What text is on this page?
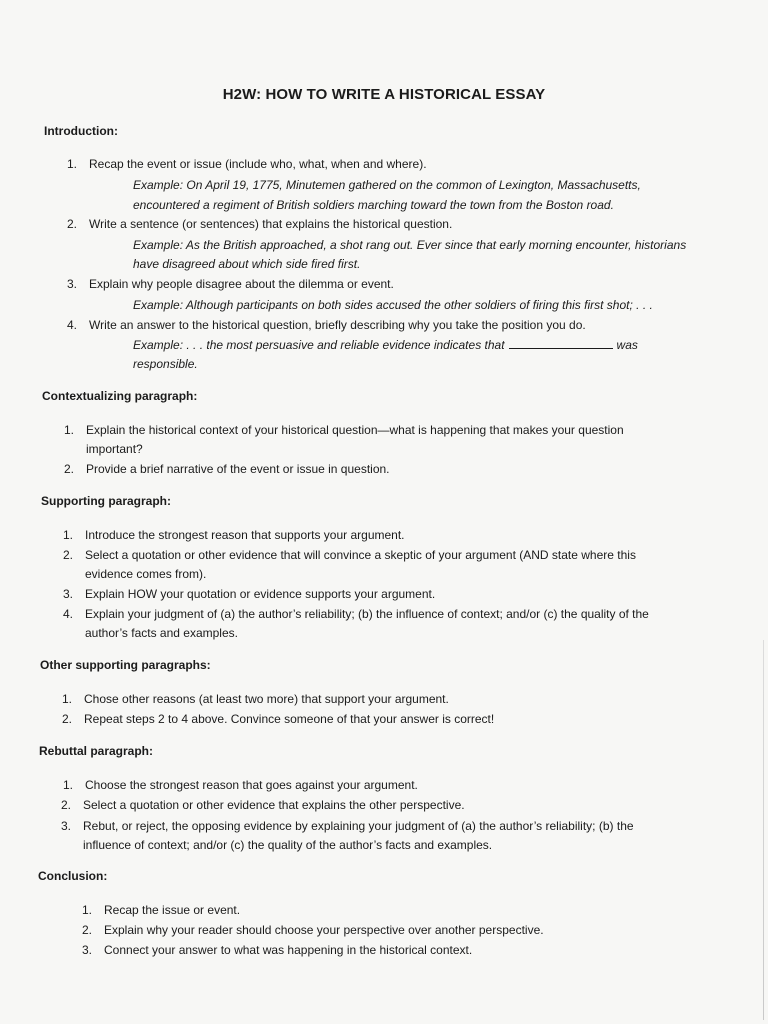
H2W: HOW TO WRITE A HISTORICAL ESSAY
Introduction:
1. Recap the event or issue (include who, what, when and where).
Example: On April 19, 1775, Minutemen gathered on the common of Lexington, Massachusetts,
encountered a regiment of British soldiers marching toward the town from the Boston road.
2. Write a sentence (or sentences) that explains the historical question.
Example: As the British approached, a shot rang out. Ever since that early morning encounter, historians
have disagreed about which side fired first.
3. Explain why people disagree about the dilemma or event.
Example: Although participants on both sides accused the other soldiers of firing this first shot; . . .
4. Write an answer to the historical question, briefly describing why you take the position you do.
Example: . . . the most persuasive and reliable evidence indicates that	was
responsible.
Contextualizing paragraph:
1. Explain the historical context of your historical question—what is happening that makes your question
important?
2. Provide a brief narrative of the event or issue in question.
Supporting paragraph:
1. Introduce the strongest reason that supports your argument.
2. Select a quotation or other evidence that will convince a skeptic of your argument (AND state where this
evidence comes from).
3. Explain HOW your quotation or evidence supports your argument.
4. Explain your judgment of (a) the author’s reliability; (b) the influence of context; and/or (c) the quality of the
author’s facts and examples.
Other supporting paragraphs:
1. Chose other reasons (at least two more) that support your argument.
2. Repeat steps 2 to 4 above. Convince someone of that your answer is correct!
Rebuttal paragraph:
1. Choose the strongest reason that goes against your argument.
2. Select a quotation or other evidence that explains the other perspective.
3. Rebut, or reject, the opposing evidence by explaining your judgment of (a) the author’s reliability; (b) the
influence of context; and/or (c) the quality of the author’s facts and examples.
Conclusion:
1. Recap the issue or event.
2. Explain why your reader should choose your perspective over another perspective.
3. Connect your answer to what was happening in the historical context.
